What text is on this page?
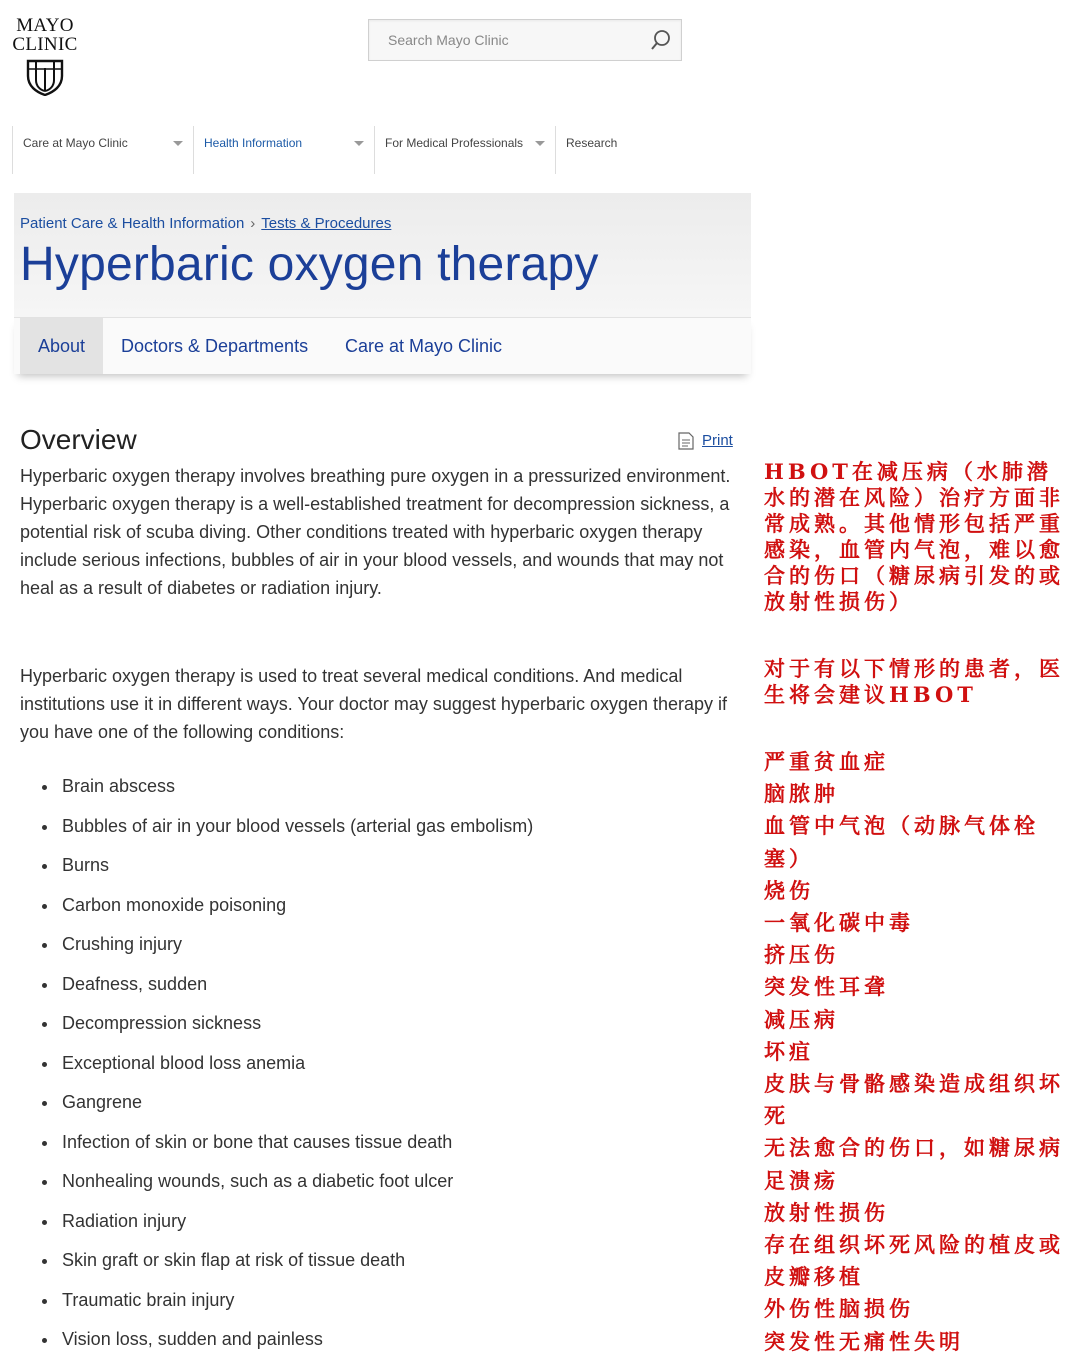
MAYO
CLINIC
Search Mayo Clinic
Care at Mayo Clinic	Health Information	For Medical Professionals	Research
Patient Care & Health Information › Tests & Procedures
Hyperbaric oxygen therapy
About	Doctors & Departments Care at Mayo Clinic
Overview	Print

Hyperbaric oxygen therapy involves breathing pure oxygen in a pressurized environment. Hyperbaric oxygen therapy is a well-established treatment for decompression sickness, a potential risk of scuba diving. Other conditions treated with hyperbaric oxygen therapy include serious infections, bubbles of air in your blood vessels, and wounds that may not heal as a result of diabetes or radiation injury.

Hyperbaric oxygen therapy is used to treat several medical conditions. And medical institutions use it in different ways. Your doctor may suggest hyperbaric oxygen therapy if you have one of the following conditions:

Brain abscess
Bubbles of air in your blood vessels (arterial gas embolism)
Burns
Carbon monoxide poisoning
Crushing injury
Deafness, sudden
Decompression sickness
Exceptional blood loss anemia
Gangrene
Infection of skin or bone that causes tissue death
Nonhealing wounds, such as a diabetic foot ulcer
Radiation injury
Skin graft or skin flap at risk of tissue death
Traumatic brain injury
Vision loss, sudden and painless

HBOT在减压病（水肺潜水的潜在风险）治疗方面非常成熟。其他情形包括严重感染，血管内气泡，难以愈合的伤口（糖尿病引发的或放射性损伤）

对于有以下情形的患者，医生将会建议HBOT

严重贫血症
脑脓肿
血管中气泡（动脉气体栓塞）
烧伤
一氧化碳中毒
挤压伤
突发性耳聋
减压病
坏疽
皮肤与骨骼感染造成组织坏死
无法愈合的伤口，如糖尿病足溃疡
放射性损伤
存在组织坏死风险的植皮或皮瓣移植
外伤性脑损伤
突发性无痛性失明
